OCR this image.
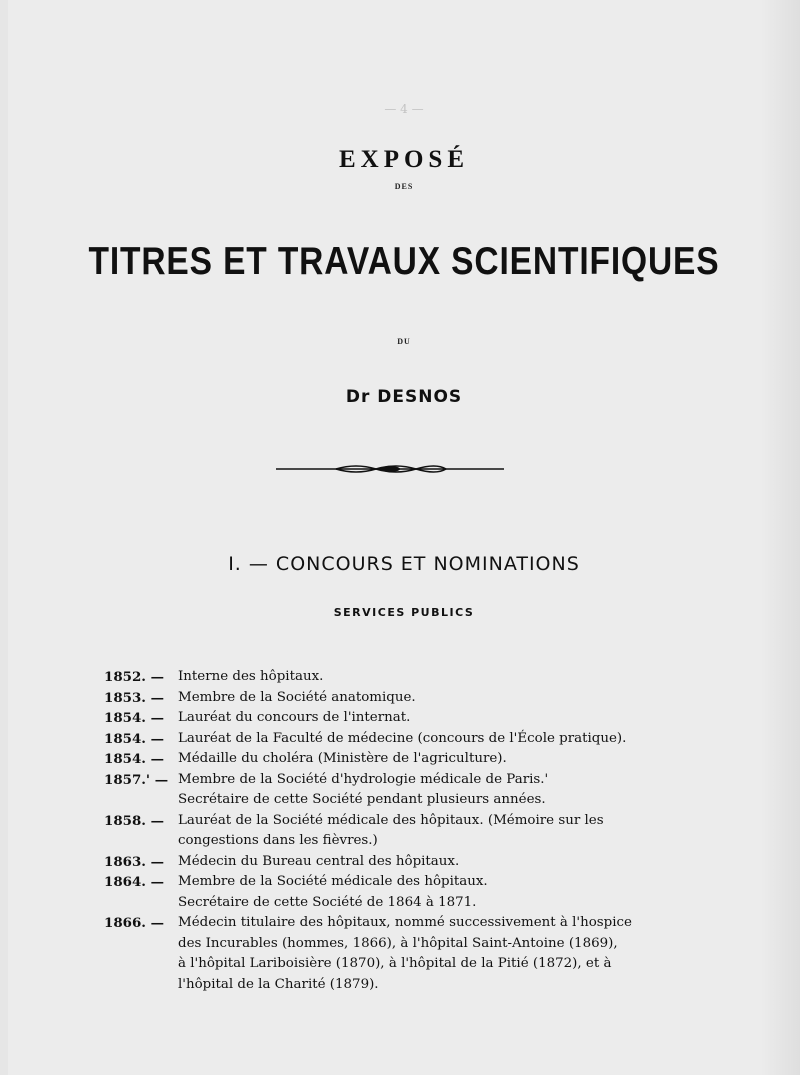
EXPOSÉ
DES
TITRES ET TRAVAUX SCIENTIFIQUES
DU
Dr DESNOS
I. — CONCOURS ET NOMINATIONS
SERVICES PUBLICS
1852. —	Interne des hôpitaux.
1853. —	Membre de la Société anatomique.
1854. —	Lauréat du concours de l'internat.
1854. —	Lauréat de la Faculté de médecine (concours de l'École pratique).
1854. —	Médaille du choléra (Ministère de l'agriculture).
1857.' — Membre de la Société d'hydrologie médicale de Paris.'
Secrétaire de cette Société pendant plusieurs années.
1858. —	Lauréat de la Société médicale des hôpitaux. (Mémoire sur les
congestions dans les fièvres.)
1863. —	Médecin du Bureau central des hôpitaux.
1864. —	Membre de la Société médicale des hôpitaux.
Secrétaire de cette Société de 1864 à 1871.
1866. —	Médecin titulaire des hôpitaux, nommé successivement à l'hospice
des Incurables (hommes, 1866), à l'hôpital Saint-Antoine (1869),
à l'hôpital Lariboisière (1870), à l'hôpital de la Pitié (1872), et à
l'hôpital de la Charité (1879).
— 4 —
